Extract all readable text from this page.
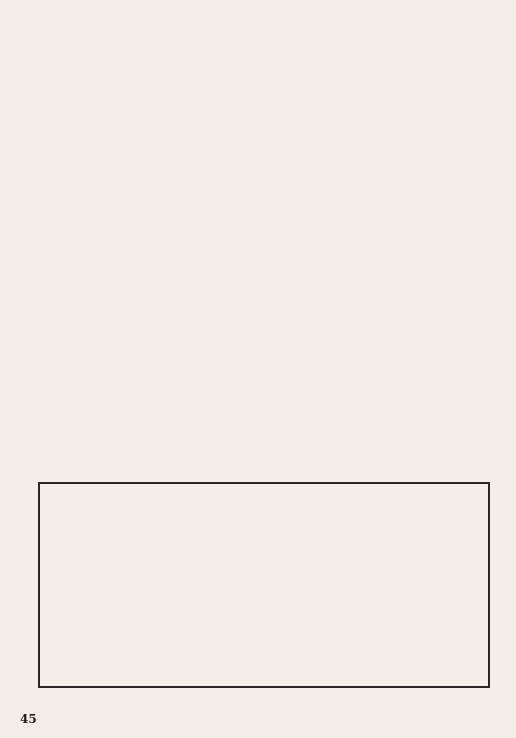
45
